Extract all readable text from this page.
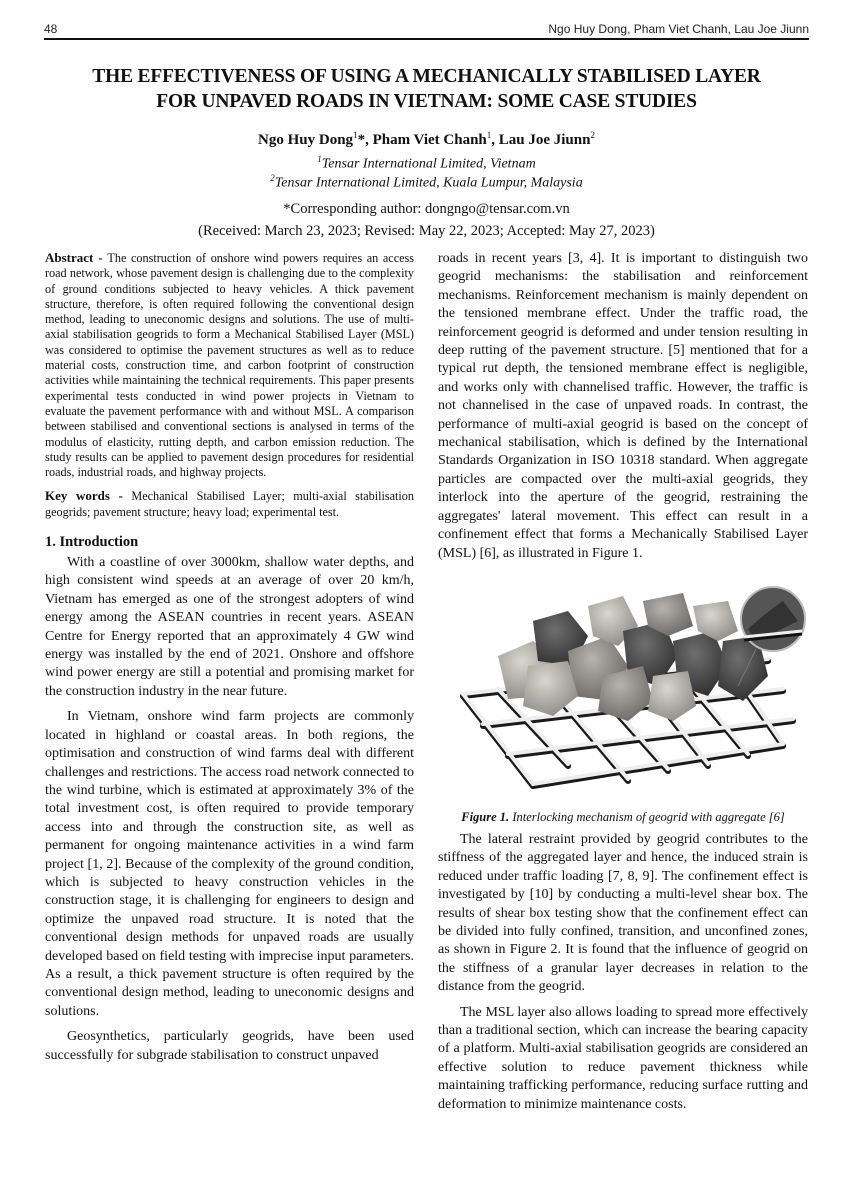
48	Ngo Huy Dong, Pham Viet Chanh, Lau Joe Jiunn
THE EFFECTIVENESS OF USING A MECHANICALLY STABILISED LAYER
FOR UNPAVED ROADS IN VIETNAM: SOME CASE STUDIES
Ngo Huy Dong$^1$*, Pham Viet Chanh$^1$, Lau Joe Jiunn$^2$
$^1$Tensar International Limited, Vietnam
$^2$Tensar International Limited, Kuala Lumpur, Malaysia
*Corresponding author: dongngo@tensar.com.vn
(Received: March 23, 2023; Revised: May 22, 2023; Accepted: May 27, 2023)

Abstract - The construction of onshore wind powers requires an access road network, whose pavement design is challenging due to the complexity of ground conditions subjected to heavy vehicles. A thick pavement structure, therefore, is often required following the conventional design method, leading to uneconomic designs and solutions. The use of multi-axial stabilisation geogrids to form a Mechanical Stabilised Layer (MSL) was considered to optimise the pavement structures as well as to reduce material costs, construction time, and carbon footprint of construction activities while maintaining the technical requirements. This paper presents experimental tests conducted in wind power projects in Vietnam to evaluate the pavement performance with and without MSL. A comparison between stabilised and conventional sections is analysed in terms of the modulus of elasticity, rutting depth, and carbon emission reduction. The study results can be applied to pavement design procedures for residential roads, industrial roads, and highway projects.

Key words - Mechanical Stabilised Layer; multi-axial stabilisation geogrids; pavement structure; heavy load; experimental test.

1. Introduction

With a coastline of over 3000km, shallow water depths, and high consistent wind speeds at an average of over 20 km/h, Vietnam has emerged as one of the strongest adopters of wind energy among the ASEAN countries in recent years. ASEAN Centre for Energy reported that an approximately 4 GW wind energy was installed by the end of 2021. Onshore and offshore wind power energy are still a potential and promising market for the construction industry in the near future.

In Vietnam, onshore wind farm projects are commonly located in highland or coastal areas. In both regions, the optimisation and construction of wind farms deal with different challenges and restrictions. The access road network connected to the wind turbine, which is estimated at approximately 3% of the total investment cost, is often required to provide temporary access into and through the construction site, as well as permanent for ongoing maintenance activities in a wind farm project [1, 2]. Because of the complexity of the ground condition, which is subjected to heavy construction vehicles in the construction stage, it is challenging for engineers to design and optimize the unpaved road structure. It is noted that the conventional design methods for unpaved roads are usually developed based on field testing with imprecise input parameters. As a result, a thick pavement structure is often required by the conventional design method, leading to uneconomic designs and solutions.

Geosynthetics, particularly geogrids, have been used successfully for subgrade stabilisation to construct unpaved

roads in recent years [3, 4]. It is important to distinguish two geogrid mechanisms: the stabilisation and reinforcement mechanisms. Reinforcement mechanism is mainly dependent on the tensioned membrane effect. Under the traffic road, the reinforcement geogrid is deformed and under tension resulting in deep rutting of the pavement structure. [5] mentioned that for a typical rut depth, the tensioned membrane effect is negligible, and works only with channelised traffic. However, the traffic is not channelised in the case of unpaved roads. In contrast, the performance of multi-axial geogrid is based on the concept of mechanical stabilisation, which is defined by the International Standards Organization in ISO 10318 standard. When aggregate particles are compacted over the multi-axial geogrids, they interlock into the aperture of the geogrid, restraining the aggregates' lateral movement. This effect can result in a confinement effect that forms a Mechanically Stabilised Layer (MSL) [6], as illustrated in Figure 1.

Figure 1. Interlocking mechanism of geogrid with aggregate [6]

The lateral restraint provided by geogrid contributes to the stiffness of the aggregated layer and hence, the induced strain is reduced under traffic loading [7, 8, 9]. The confinement effect is investigated by [10] by conducting a multi-level shear box. The results of shear box testing show that the confinement effect can be divided into fully confined, transition, and unconfined zones, as shown in Figure 2. It is found that the influence of geogrid on the stiffness of a granular layer decreases in relation to the distance from the geogrid.

The MSL layer also allows loading to spread more effectively than a traditional section, which can increase the bearing capacity of a platform. Multi-axial stabilisation geogrids are considered an effective solution to reduce pavement thickness while maintaining trafficking performance, reducing surface rutting and deformation to minimize maintenance costs.
